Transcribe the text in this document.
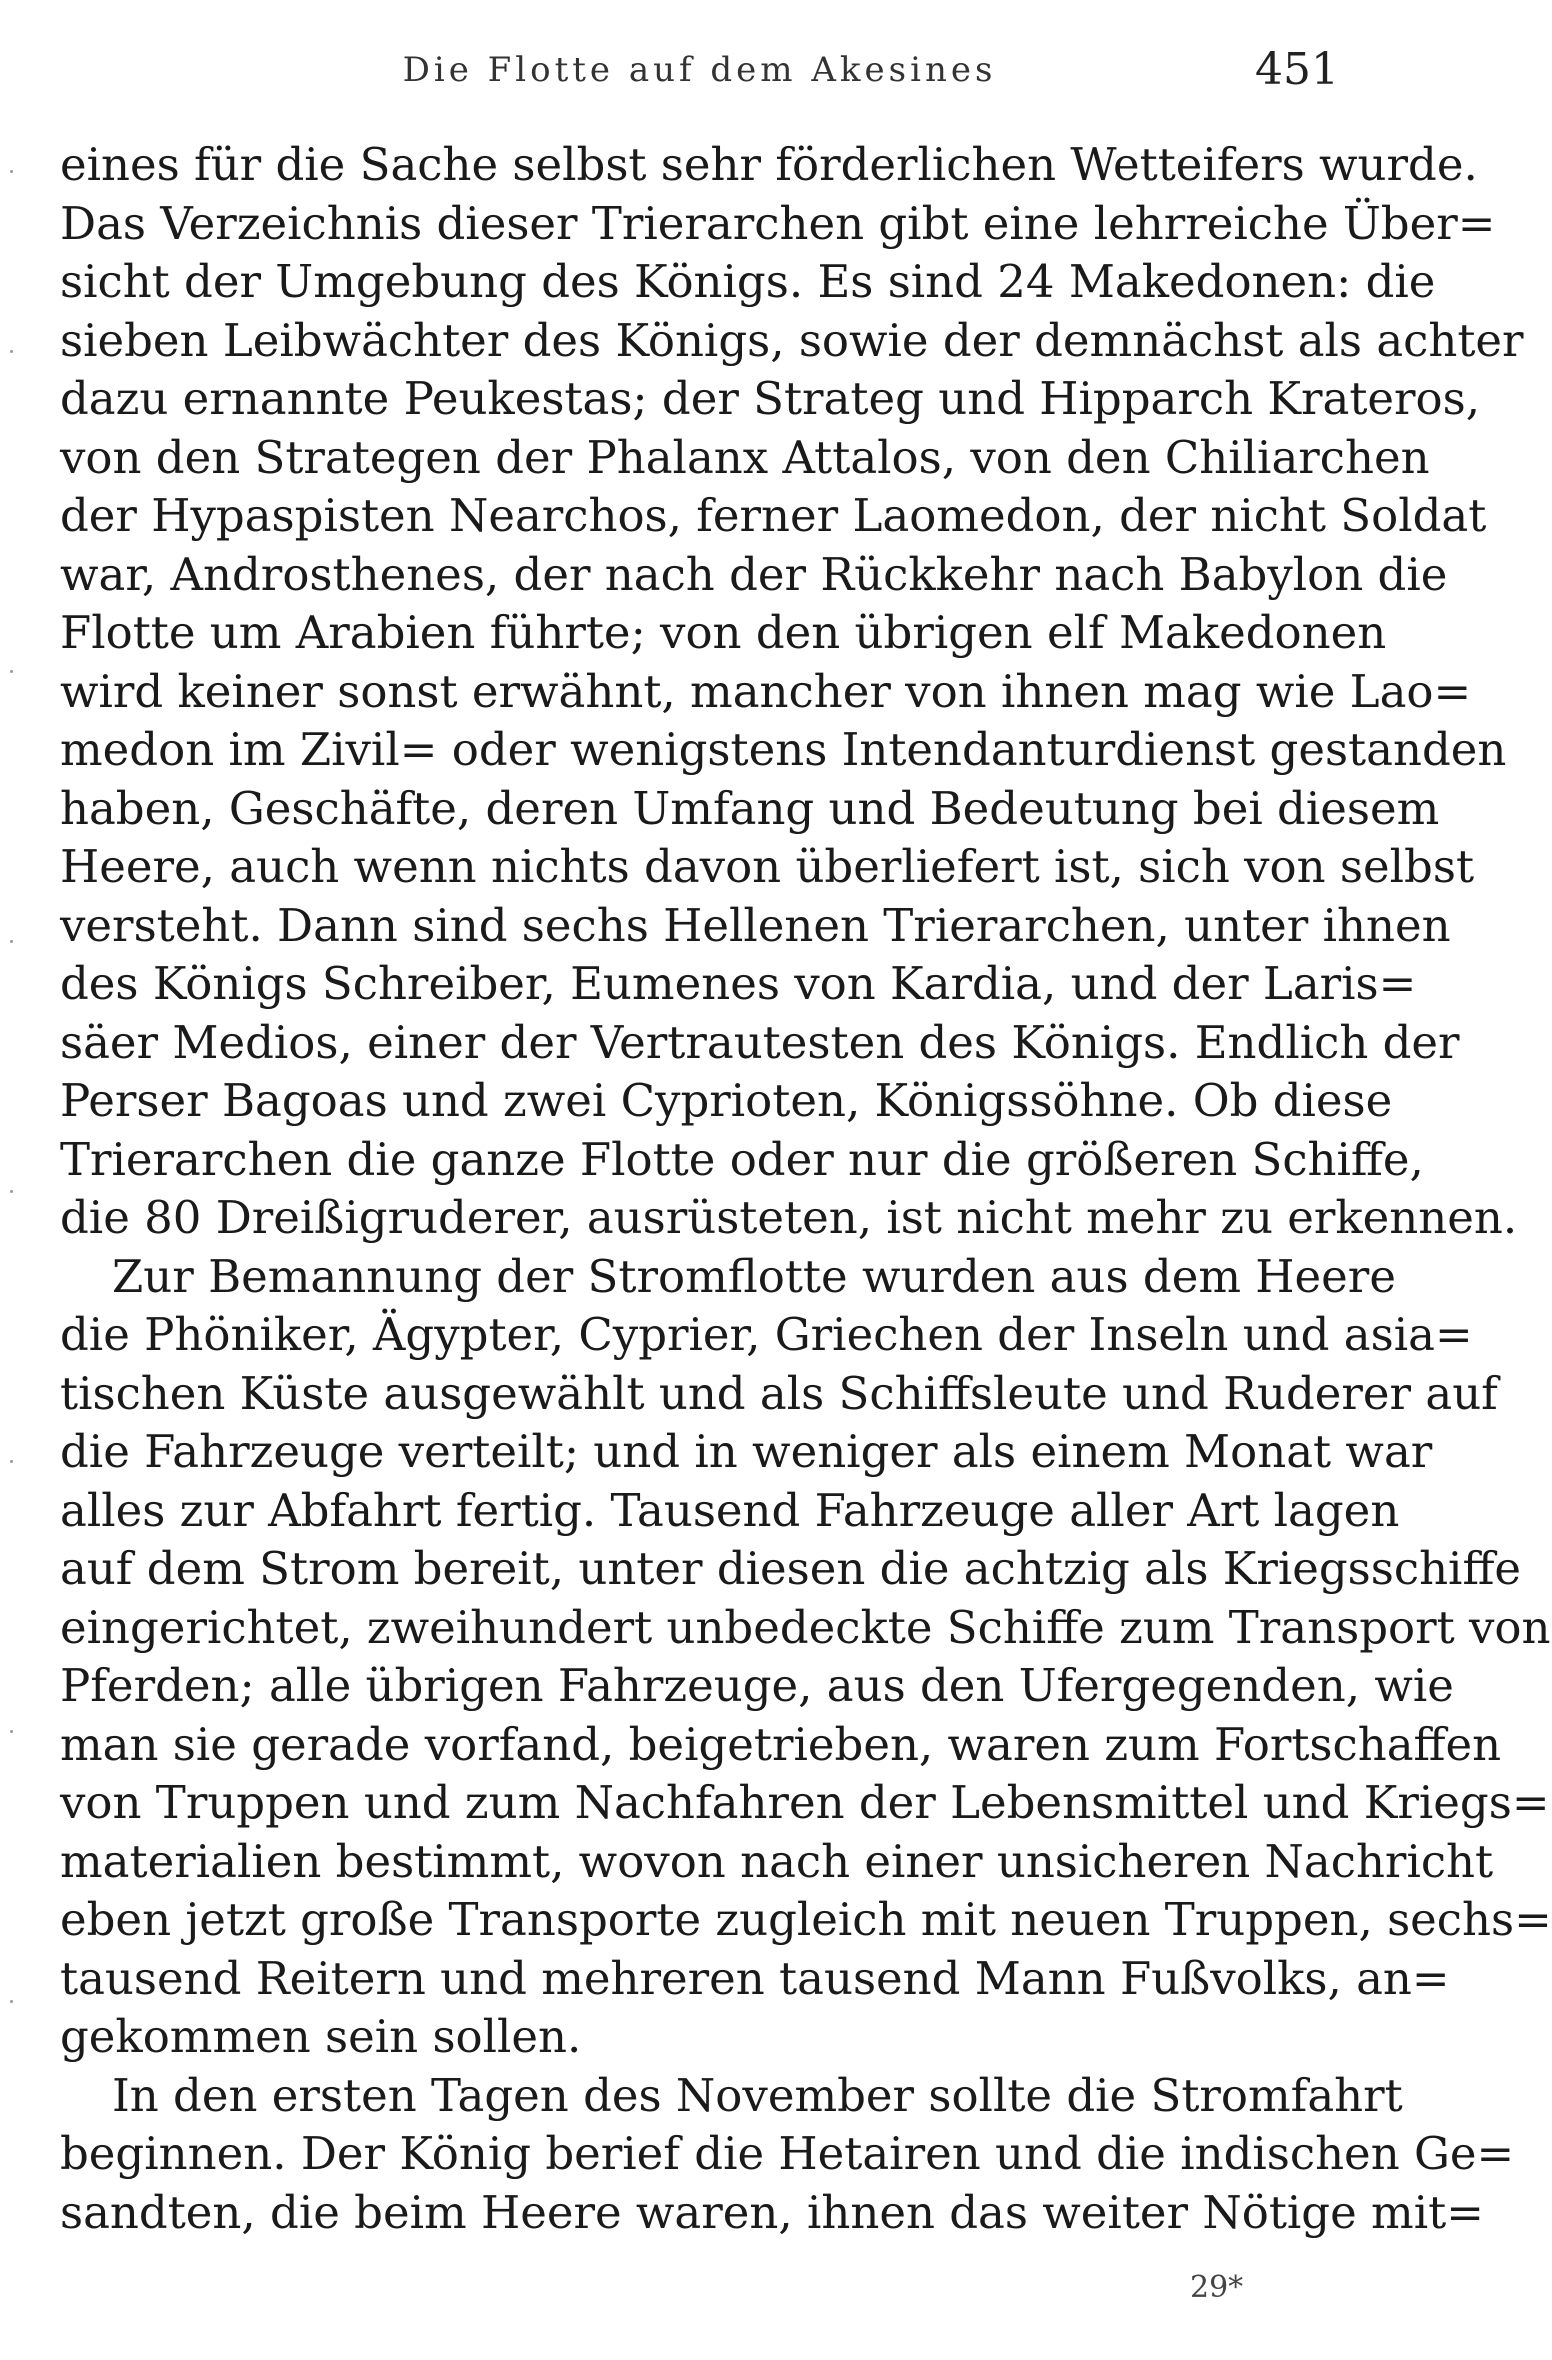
Die Flotte auf dem Akesines	451
eines für die Sache selbst sehr förderlichen Wetteifers wurde.
Das Verzeichnis dieser Trierarchen gibt eine lehrreiche Über=
sicht der Umgebung des Königs. Es sind 24 Makedonen: die
sieben Leibwächter des Königs, sowie der demnächst als achter
dazu ernannte Peukestas; der Strateg und Hipparch Krateros,
von den Strategen der Phalanx Attalos, von den Chiliarchen
der Hypaspisten Nearchos, ferner Laomedon, der nicht Soldat
war, Androsthenes, der nach der Rückkehr nach Babylon die
Flotte um Arabien führte; von den übrigen elf Makedonen
wird keiner sonst erwähnt, mancher von ihnen mag wie Lao=
medon im Zivil= oder wenigstens Intendanturdienst gestanden
haben, Geschäfte, deren Umfang und Bedeutung bei diesem
Heere, auch wenn nichts davon überliefert ist, sich von selbst
versteht. Dann sind sechs Hellenen Trierarchen, unter ihnen
des Königs Schreiber, Eumenes von Kardia, und der Laris=
säer Medios, einer der Vertrautesten des Königs. Endlich der
Perser Bagoas und zwei Cyprioten, Königssöhne. Ob diese
Trierarchen die ganze Flotte oder nur die größeren Schiffe,
die 80 Dreißigruderer, ausrüsteten, ist nicht mehr zu erkennen.
Zur Bemannung der Stromflotte wurden aus dem Heere
die Phöniker, Ägypter, Cyprier, Griechen der Inseln und asia=
tischen Küste ausgewählt und als Schiffsleute und Ruderer auf
die Fahrzeuge verteilt; und in weniger als einem Monat war
alles zur Abfahrt fertig. Tausend Fahrzeuge aller Art lagen
auf dem Strom bereit, unter diesen die achtzig als Kriegsschiffe
eingerichtet, zweihundert unbedeckte Schiffe zum Transport von
Pferden; alle übrigen Fahrzeuge, aus den Ufergegenden, wie
man sie gerade vorfand, beigetrieben, waren zum Fortschaffen
von Truppen und zum Nachfahren der Lebensmittel und Kriegs=
materialien bestimmt, wovon nach einer unsicheren Nachricht
eben jetzt große Transporte zugleich mit neuen Truppen, sechs=
tausend Reitern und mehreren tausend Mann Fußvolks, an=
gekommen sein sollen.
In den ersten Tagen des November sollte die Stromfahrt
beginnen. Der König berief die Hetairen und die indischen Ge=
sandten, die beim Heere waren, ihnen das weiter Nötige mit=
29*
